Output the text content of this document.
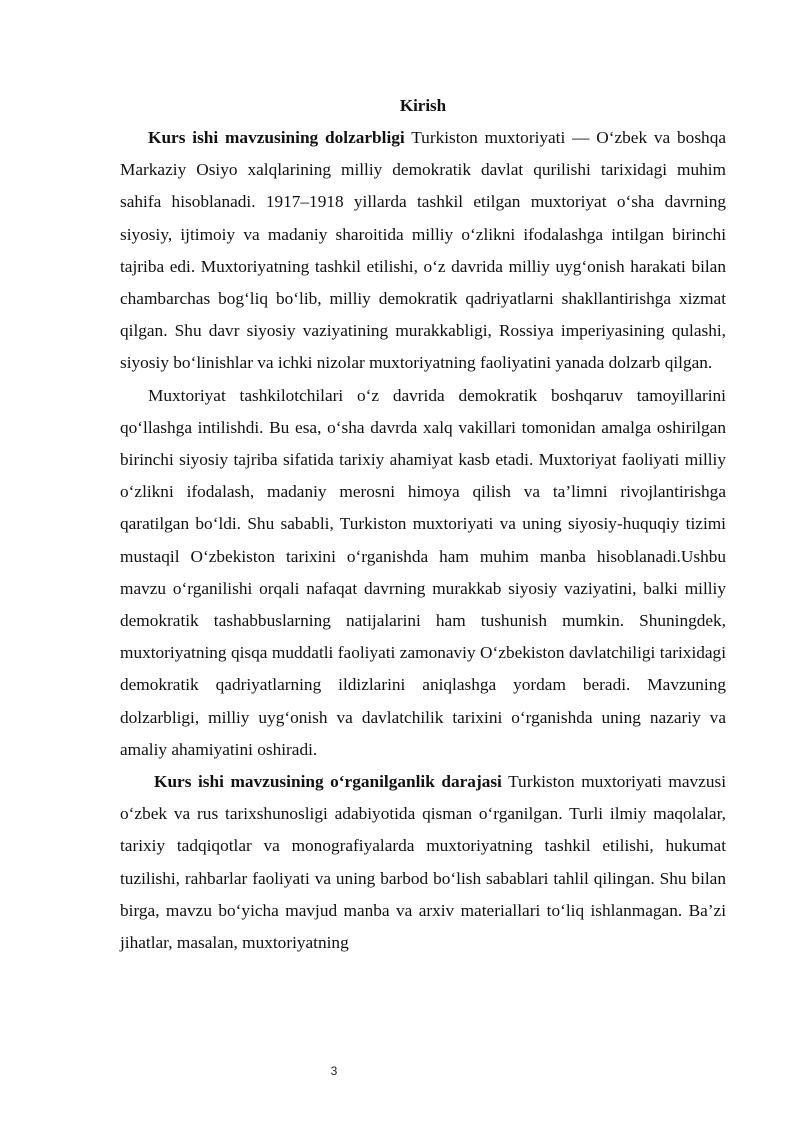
Kirish

Kurs ishi mavzusining dolzarbligi Turkiston muxtoriyati — O‘zbek va boshqa Markaziy Osiyo xalqlarining milliy demokratik davlat qurilishi tarixidagi muhim sahifa hisoblanadi. 1917–1918 yillarda tashkil etilgan muxtoriyat o‘sha davrning siyosiy, ijtimoiy va madaniy sharoitida milliy o‘zlikni ifodalashga intilgan birinchi tajriba edi. Muxtoriyatning tashkil etilishi, o‘z davrida milliy uyg‘onish harakati bilan chambarchas bog‘liq bo‘lib, milliy demokratik qadriyatlarni shakllantirishga xizmat qilgan. Shu davr siyosiy vaziyatining murakkabligi, Rossiya imperiyasining qulashi, siyosiy bo‘linishlar va ichki nizolar muxtoriyatning faoliyatini yanada dolzarb qilgan.

Muxtoriyat tashkilotchilari o‘z davrida demokratik boshqaruv tamoyillarini qo‘llashga intilishdi. Bu esa, o‘sha davrda xalq vakillari tomonidan amalga oshirilgan birinchi siyosiy tajriba sifatida tarixiy ahamiyat kasb etadi. Muxtoriyat faoliyati milliy o‘zlikni ifodalash, madaniy merosni himoya qilish va ta’limni rivojlantirishga qaratilgan bo‘ldi. Shu sababli, Turkiston muxtoriyati va uning siyosiy-huquqiy tizimi mustaqil O‘zbekiston tarixini o‘rganishda ham muhim manba hisoblanadi.Ushbu mavzu o‘rganilishi orqali nafaqat davrning murakkab siyosiy vaziyatini, balki milliy demokratik tashabbuslarning natijalarini ham tushunish mumkin. Shuningdek, muxtoriyatning qisqa muddatli faoliyati zamonaviy O‘zbekiston davlatchiligi tarixidagi demokratik qadriyatlarning ildizlarini aniqlashga yordam beradi. Mavzuning dolzarbligi, milliy uyg‘onish va davlatchilik tarixini o‘rganishda uning nazariy va amaliy ahamiyatini oshiradi.

Kurs ishi mavzusining o‘rganilganlik darajasi Turkiston muxtoriyati mavzusi o‘zbek va rus tarixshunosligi adabiyotida qisman o‘rganilgan. Turli ilmiy maqolalar, tarixiy tadqiqotlar va monografiyalarda muxtoriyatning tashkil etilishi, hukumat tuzilishi, rahbarlar faoliyati va uning barbod bo‘lish sabablari tahlil qilingan. Shu bilan birga, mavzu bo‘yicha mavjud manba va arxiv materiallari to‘liq ishlanmagan. Ba’zi jihatlar, masalan, muxtoriyatning

3
